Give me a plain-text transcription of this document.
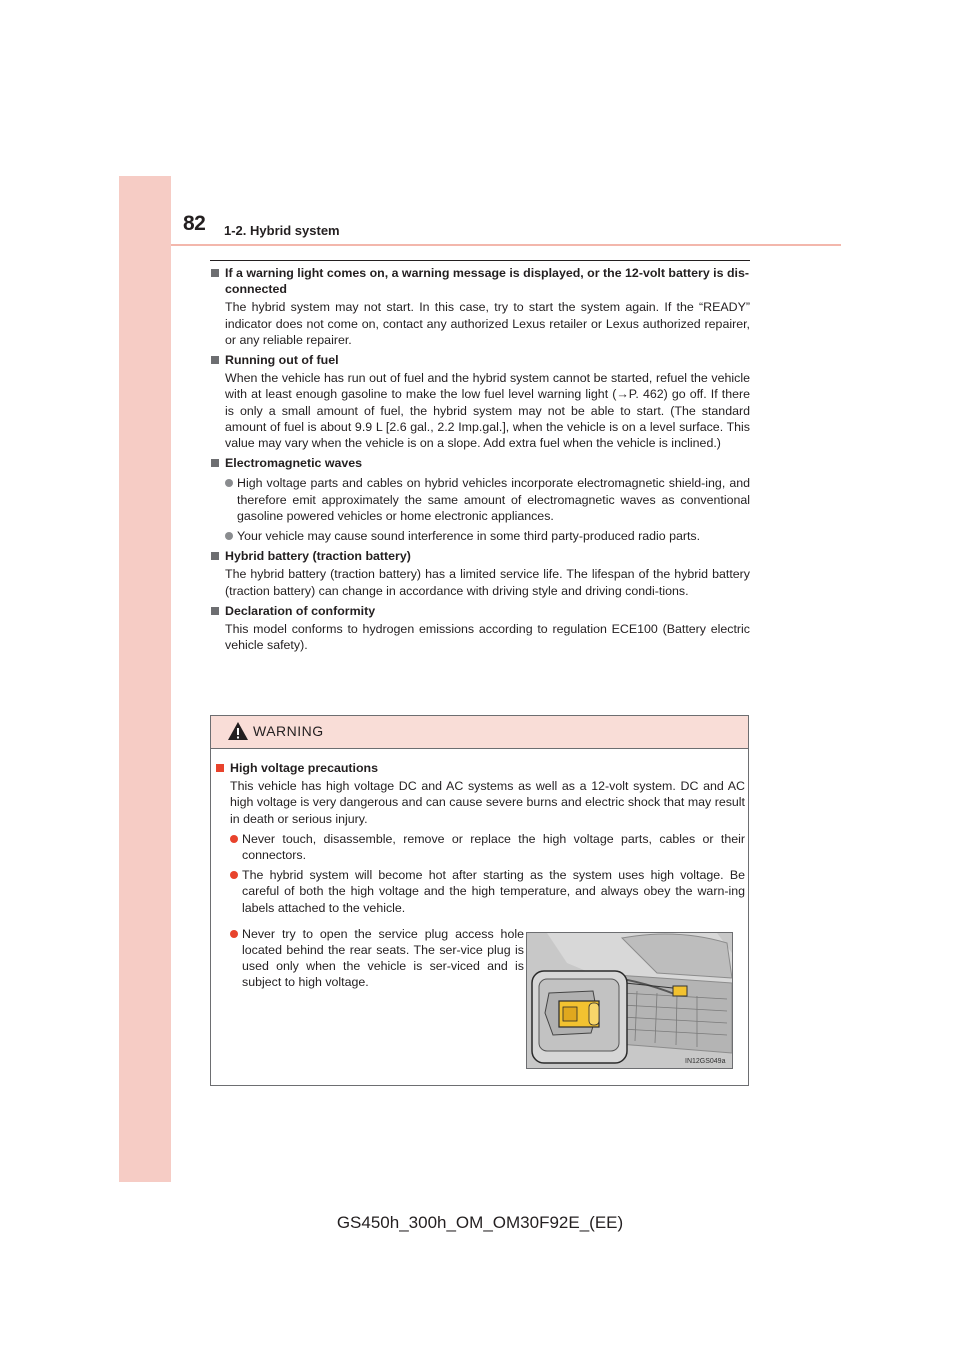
82 1-2. Hybrid system
If a warning light comes on, a warning message is displayed, or the 12-volt battery is dis-connected
The hybrid system may not start. In this case, try to start the system again. If the “READY” indicator does not come on, contact any authorized Lexus retailer or Lexus authorized repairer, or any reliable repairer.
Running out of fuel
When the vehicle has run out of fuel and the hybrid system cannot be started, refuel the vehicle with at least enough gasoline to make the low fuel level warning light (→P. 462) go off. If there is only a small amount of fuel, the hybrid system may not be able to start. (The standard amount of fuel is about 9.9 L [2.6 gal., 2.2 Imp.gal.], when the vehicle is on a level surface. This value may vary when the vehicle is on a slope. Add extra fuel when the vehicle is inclined.)
Electromagnetic waves
High voltage parts and cables on hybrid vehicles incorporate electromagnetic shield-ing, and therefore emit approximately the same amount of electromagnetic waves as conventional gasoline powered vehicles or home electronic appliances.
Your vehicle may cause sound interference in some third party-produced radio parts.
Hybrid battery (traction battery)
The hybrid battery (traction battery) has a limited service life. The lifespan of the hybrid battery (traction battery) can change in accordance with driving style and driving condi-tions.
Declaration of conformity
This model conforms to hydrogen emissions according to regulation ECE100 (Battery electric vehicle safety).
WARNING
High voltage precautions
This vehicle has high voltage DC and AC systems as well as a 12-volt system. DC and AC high voltage is very dangerous and can cause severe burns and electric shock that may result in death or serious injury.
Never touch, disassemble, remove or replace the high voltage parts, cables or their connectors.
The hybrid system will become hot after starting as the system uses high voltage. Be careful of both the high voltage and the high temperature, and always obey the warn-ing labels attached to the vehicle.
Never try to open the service plug access hole located behind the rear seats. The ser-vice plug is used only when the vehicle is ser-viced and is subject to high voltage.
IN12GS049a
GS450h_300h_OM_OM30F92E_(EE)
